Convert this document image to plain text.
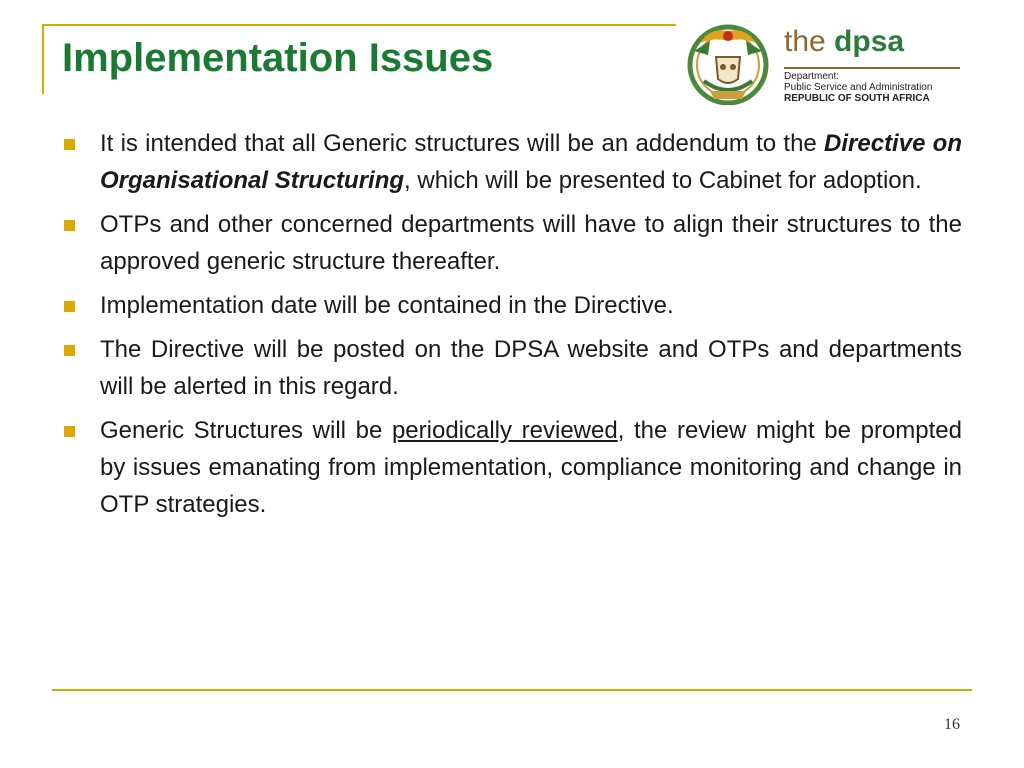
Implementation Issues	the dpsa
Department:
Public Service and Administration
REPUBLIC OF SOUTH AFRICA
It is intended that all Generic structures will be an addendum to the Directive on Organisational Structuring, which will be presented to Cabinet for adoption.
OTPs and other concerned departments will have to align their structures to the approved generic structure thereafter.
Implementation date will be contained in the Directive.
The Directive will be posted on the DPSA website and OTPs and departments will be alerted in this regard.
Generic Structures will be periodically reviewed, the review might be prompted by issues emanating from implementation, compliance monitoring and change in OTP strategies.
16
